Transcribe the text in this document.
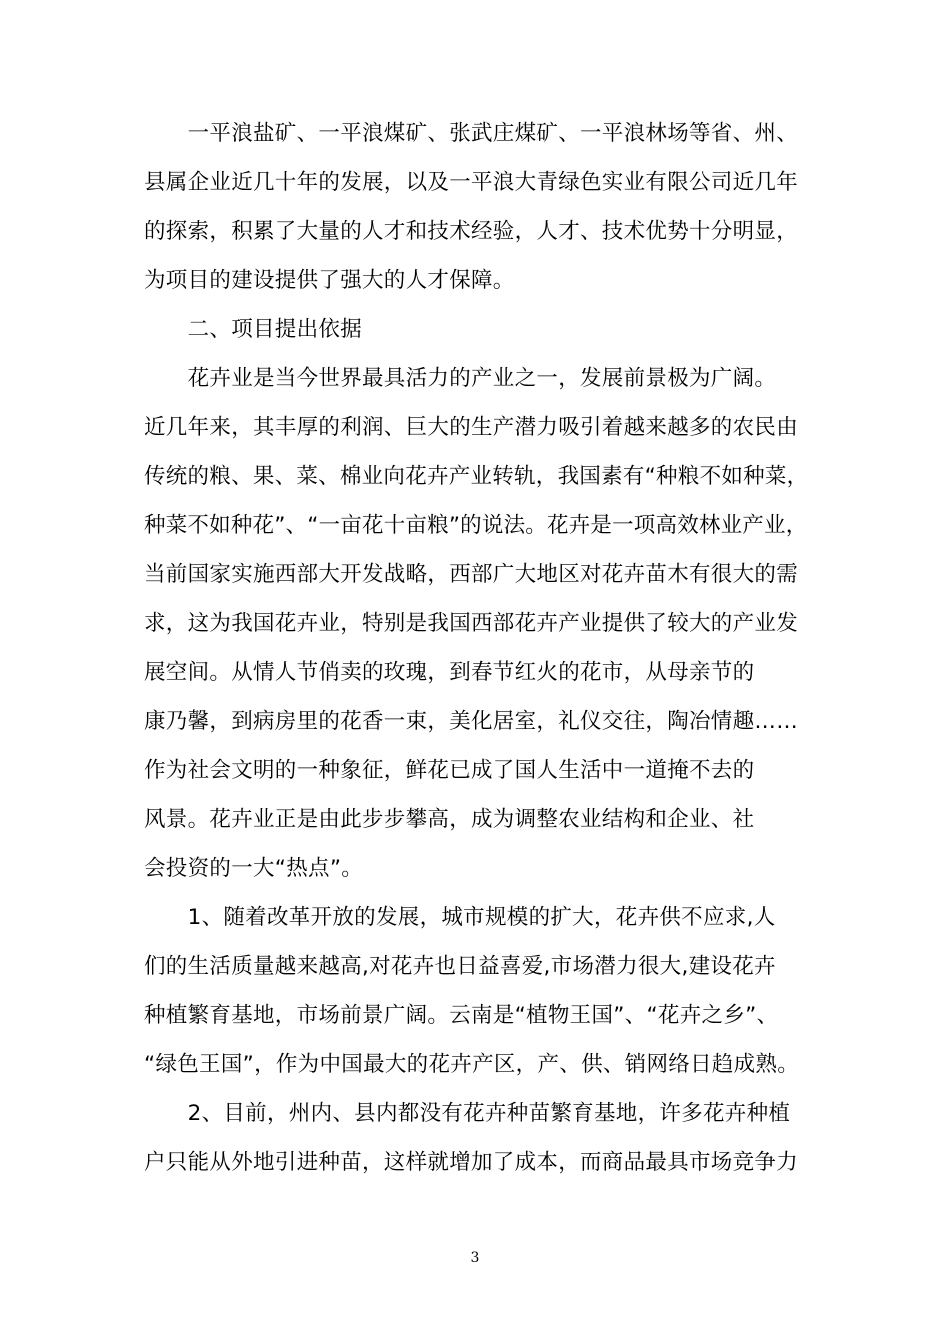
　　一平浪盐矿、一平浪煤矿、张武庄煤矿、一平浪林场等省、州、
县属企业近几十年的发展，以及一平浪大青绿色实业有限公司近几年
的探索，积累了大量的人才和技术经验，人才、技术优势十分明显，
为项目的建设提供了强大的人才保障。

　　二、项目提出依据

　　花卉业是当今世界最具活力的产业之一，发展前景极为广阔。
近几年来，其丰厚的利润、巨大的生产潜力吸引着越来越多的农民由
传统的粮、果、菜、棉业向花卉产业转轨，我国素有“种粮不如种菜，
种菜不如种花”、“一亩花十亩粮”的说法。花卉是一项高效林业产业，
当前国家实施西部大开发战略，西部广大地区对花卉苗木有很大的需
求，这为我国花卉业，特别是我国西部花卉产业提供了较大的产业发
展空间。从情人节俏卖的玫瑰，到春节红火的花市，从母亲节的
康乃馨，到病房里的花香一束，美化居室，礼仪交往，陶冶情趣……
作为社会文明的一种象征，鲜花已成了国人生活中一道掩不去的
风景。花卉业正是由此步步攀高，成为调整农业结构和企业、社
会投资的一大“热点”。

　　1、随着改革开放的发展，城市规模的扩大，花卉供不应求,人
们的生活质量越来越高,对花卉也日益喜爱,市场潜力很大,建设花卉
种植繁育基地，市场前景广阔。云南是“植物王国”、“花卉之乡”、
“绿色王国”，作为中国最大的花卉产区，产、供、销网络日趋成熟。

　　2、目前，州内、县内都没有花卉种苗繁育基地，许多花卉种植
户只能从外地引进种苗，这样就增加了成本，而商品最具市场竞争力

3
